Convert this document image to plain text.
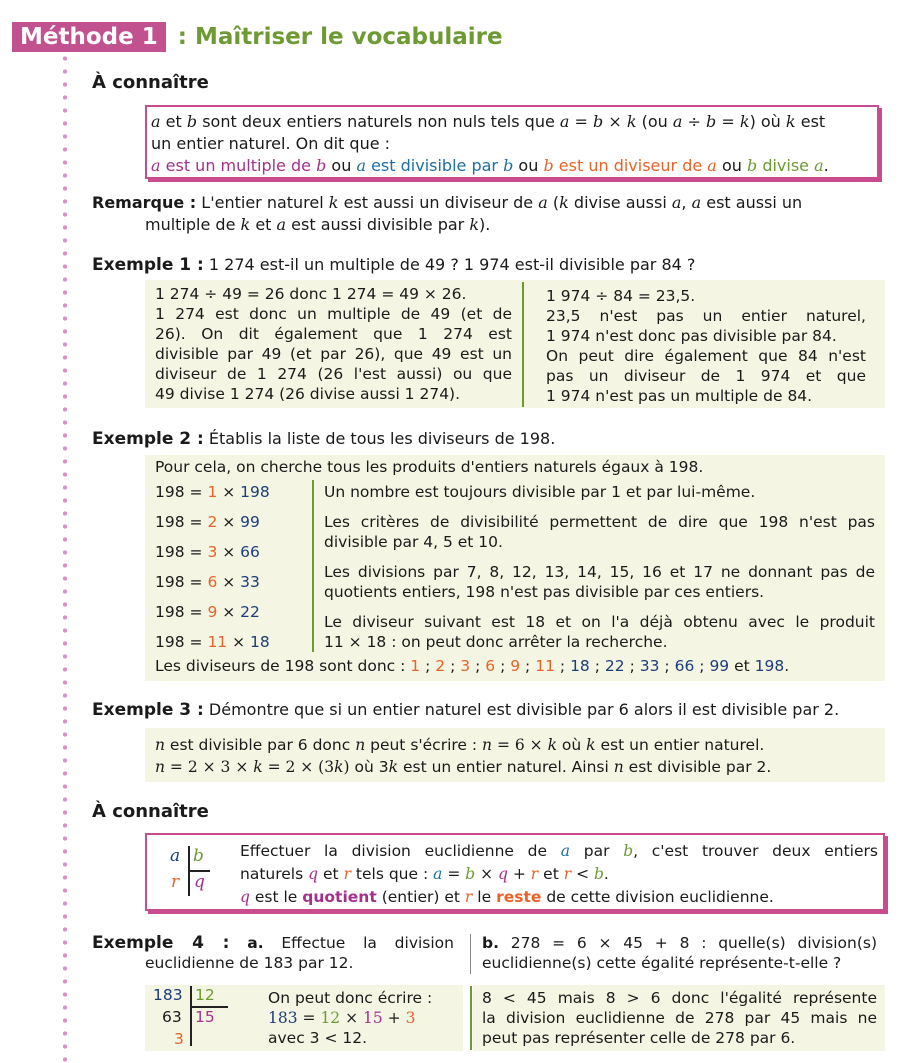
Méthode 1 : Maîtriser le vocabulaire
À connaître

a et b sont deux entiers naturels non nuls tels que a = b × k (ou a ÷ b = k) où k est

un entier naturel. On dit que :

a est un multiple de b ou a est divisible par b ou b est un diviseur de a ou b divise a.

Remarque : L'entier naturel k est aussi un diviseur de a (k divise aussi a, a est aussi un
multiple de k et a est aussi divisible par k).
Exemple 1 : 1 274 est-il un multiple de 49 ? 1 974 est-il divisible par 84 ?

1 274 ÷ 49 = 26 donc 1 274 = 49 × 26.

1 274 est donc un multiple de 49 (et de

26). On dit également que 1 274 est

divisible par 49 (et par 26), que 49 est un

diviseur de 1 274 (26 l'est aussi) ou que

49 divise 1 274 (26 divise aussi 1 274).

1 974 ÷ 84 = 23,5.

23,5 n'est pas un entier naturel,

1 974 n'est donc pas divisible par 84.

On peut dire également que 84 n'est

pas un diviseur de 1 974 et que

1 974 n'est pas un multiple de 84.

Exemple 2 : Établis la liste de tous les diviseurs de 198.
Pour cela, on cherche tous les produits d'entiers naturels égaux à 198.
198 = 1 × 198
198 = 2 × 99
198 = 3 × 66
198 = 6 × 33
198 = 9 × 22
198 = 11 × 18

Un nombre est toujours divisible par 1 et par lui-même.

Les critères de divisibilité permettent de dire que 198 n'est pas

divisible par 4, 5 et 10.

Les divisions par 7, 8, 12, 13, 14, 15, 16 et 17 ne donnant pas de

quotients entiers, 198 n'est pas divisible par ces entiers.

Le diviseur suivant est 18 et on l'a déjà obtenu avec le produit

11 × 18 : on peut donc arrêter la recherche.

Les diviseurs de 198 sont donc : 1 ; 2 ; 3 ; 6 ; 9 ; 11 ; 18 ; 22 ; 33 ; 66 ; 99 et 198.
Exemple 3 : Démontre que si un entier naturel est divisible par 6 alors il est divisible par 2.

n est divisible par 6 donc n peut s'écrire : n = 6 × k où k est un entier naturel.

n = 2 × 3 × k = 2 × (3k) où 3k est un entier naturel. Ainsi n est divisible par 2.

À connaître
a b
r q

Effectuer la division euclidienne de a par b, c'est trouver deux entiers

naturels q et r tels que : a = b × q + r et r < b.

q est le quotient (entier) et r le reste de cette division euclidienne.

Exemple 4 : a. Effectue la division

euclidienne de 183 par 12.

b. 278 = 6 × 45 + 8 : quelle(s) division(s)

euclidienne(s) cette égalité représente-t-elle ?

183 12
63 15
3

On peut donc écrire :

183 = 12 × 15 + 3

avec 3 < 12.

8 < 45 mais 8 > 6 donc l'égalité représente

la division euclidienne de 278 par 45 mais ne

peut pas représenter celle de 278 par 6.
